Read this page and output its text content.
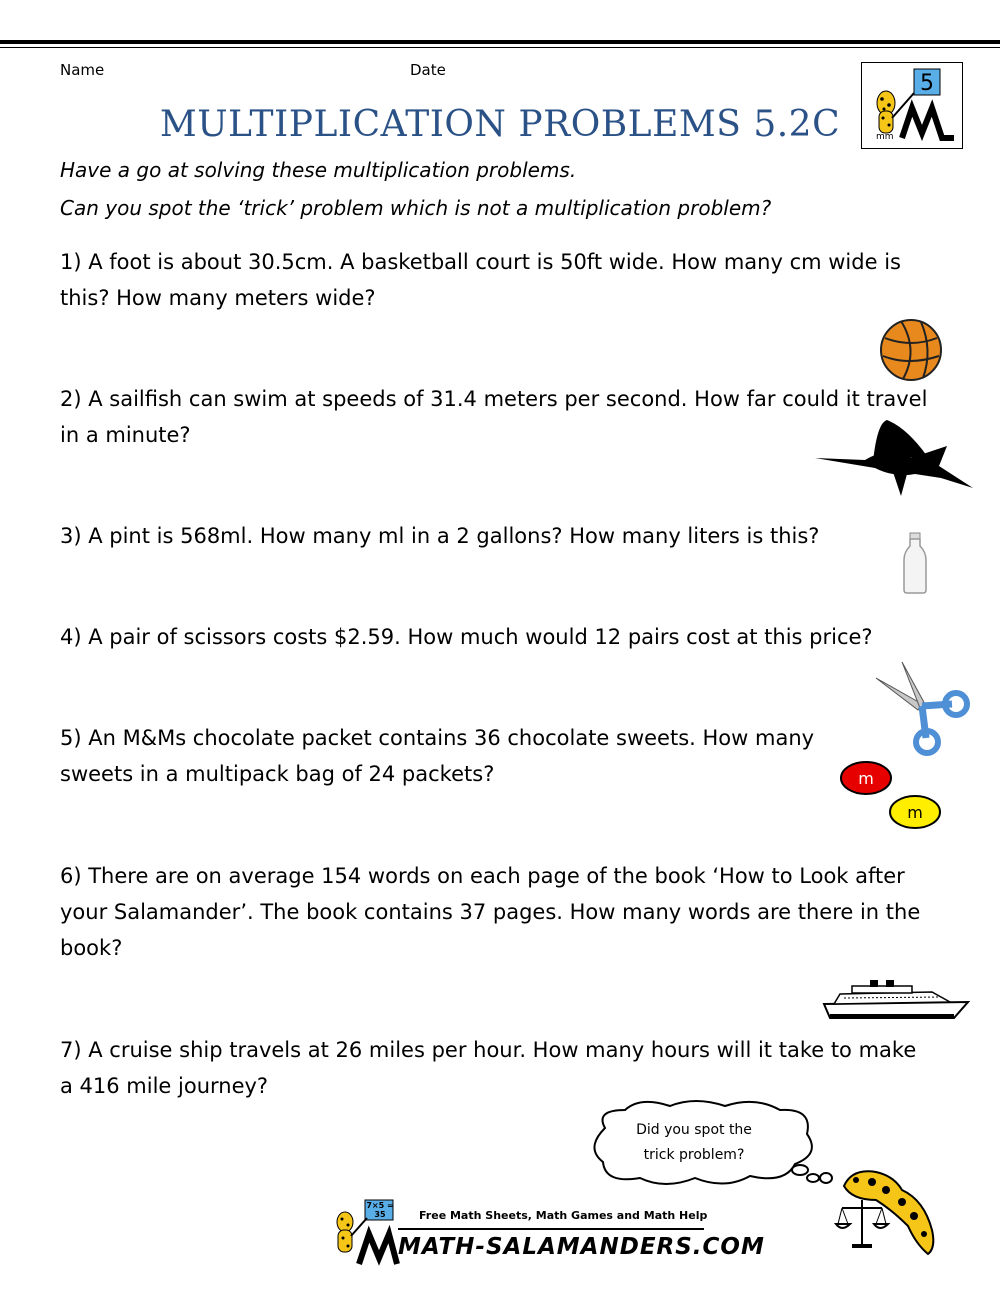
Name	Date
5
mm
MULTIPLICATION PROBLEMS 5.2C
Have a go at solving these multiplication problems.
Can you spot the ‘trick’ problem which is not a multiplication problem?
1) A foot is about 30.5cm. A basketball court is 50ft wide. How many cm wide is this? How many meters wide?
2) A sailfish can swim at speeds of 31.4 meters per second. How far could it travel in a minute?
3) A pint is 568ml. How many ml in a 2 gallons? How many liters is this?
4) A pair of scissors costs $2.59. How much would 12 pairs cost at this price?
5) An M&Ms chocolate packet contains 36 chocolate sweets. How many sweets in a multipack bag of 24 packets?
6) There are on average 154 words on each page of the book ‘How to Look after your Salamander’. The book contains 37 pages. How many words are there in the book?
7) A cruise ship travels at 26 miles per hour. How many hours will it take to make a 416 mile journey?
m
m
Did you spot the
trick problem?
7×5 = 35	Free Math Sheets, Math Games and Math Help
MATH-SALAMANDERS.COM
